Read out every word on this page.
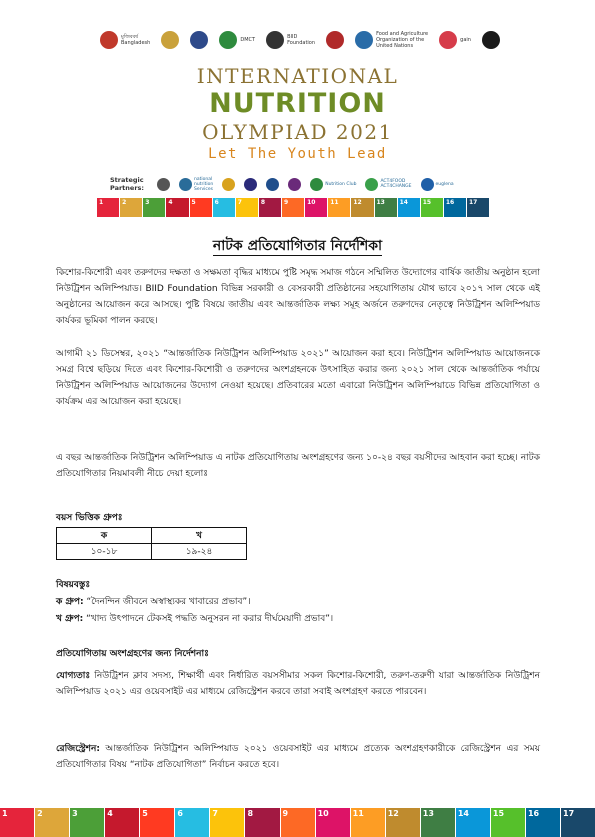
মুজিববর্ষ
Bangladesh	DMCT	BIID
Foundation
Food and Agriculture
Organization of the
United Nations
gain
INTERNATIONAL
NUTRITION
OLYMPIAD 2021
Let The Youth Lead
Strategic
Partners:
national
nutrition
Services
Nutrition Club	ACT4FOOD
ACT4CHANGE	euglena
1	2	3	4	5	6	7	8	9	10 11 12 13 14 15 16 17
নাটক প্রতিযোগিতার নির্দেশিকা
কিশোর-কিশোরী এবং তরুণদের দক্ষতা ও সক্ষমতা বৃদ্ধির মাধ্যমে পুষ্টি সমৃদ্ধ সমাজ গঠনে সম্মিলিত উদ্যোগের বার্ষিক জাতীয় অনুষ্ঠান হলো নিউট্রিশন অলিম্পিয়াড। BIID Foundation বিভিন্ন সরকারী ও বেসরকারী প্রতিষ্ঠানের সহযোগিতায় যৌথ ভাবে ২০১৭ সাল থেকে এই অনুষ্ঠানের আয়োজন করে আসছে। পুষ্টি বিষয়ে জাতীয় এবং আন্তর্জাতিক লক্ষ্য সমূহ অর্জনে তরুণদের নেতৃত্বে নিউট্রিশন অলিম্পিয়াড কার্যকর ভূমিকা পালন করছে।
আগামী ২১ ডিসেম্বর, ২০২১ “আন্তর্জাতিক নিউট্রিশন অলিম্পিয়াড ২০২১” আয়োজন করা হবে। নিউট্রিশন অলিম্পিয়াড আয়োজনকে সমগ্র বিশ্বে ছড়িয়ে দিতে এবং কিশোর-কিশোরী ও তরুণদের অংশগ্রহনকে উৎসাহিত করার জন্য ২০২১ সাল থেকে আন্তর্জাতিক পর্যায়ে নিউট্রিশন অলিম্পিয়াড আয়োজনের উদ্যোগ নেওয়া হয়েছে। প্রতিবারের মতো এবারো নিউট্রিশন অলিম্পিয়াডে বিভিন্ন প্রতিযোগিতা ও কার্যক্রম এর আয়োজন করা হয়েছে।
এ বছর আন্তর্জাতিক নিউট্রিশন অলিম্পিয়াড এ নাটক প্রতিযোগিতায় অংশগ্রহণের জন্য ১০-২৪ বছর বয়সীদের আহবান করা হচ্ছে। নাটক প্রতিযোগিতার নিয়মাবলী নীচে দেয়া হলোঃ
বয়স ভিত্তিক গ্রুপঃ
ক	খ
১০-১৮	১৯-২৪
বিষয়বস্তুঃ
ক গ্রুপ: “দৈনন্দিন জীবনে অস্বাস্থ্যকর খাবারের প্রভাব”।
খ গ্রুপ: “খাদ্য উৎপাদনে টেকসই পদ্ধতি অনুসরন না করার দীর্ঘমেয়াদী প্রভাব”।
প্রতিযোগিতায় অংশগ্রহণের জন্য নির্দেশনাঃ
যোগ্যতাঃ নিউট্রিশন ক্লাব সদস্য, শিক্ষার্থী এবং নির্ধারিত বয়সসীমার সকল কিশোর-কিশোরী, তরুণ-তরুণী যারা আন্তর্জাতিক নিউট্রিশন অলিম্পিয়াড ২০২১ এর ওয়েবসাইট এর মাধ্যমে রেজিস্ট্রেশন করবে তারা সবাই অংশগ্রহণ করতে পারবেন।
রেজিস্ট্রেশন: আন্তর্জাতিক নিউট্রিশন অলিম্পিয়াড ২০২১ ওয়েবসাইট এর মাধ্যমে প্রত্যেক অংশগ্রহণকারীকে রেজিস্ট্রেশন এর সময় প্রতিযোগিতার বিষয় “নাটক প্রতিযোগিতা” নির্বাচন করতে হবে।
1	2	3	4	5	6	7	8	9	10	11	12	13	14	15	16	17
